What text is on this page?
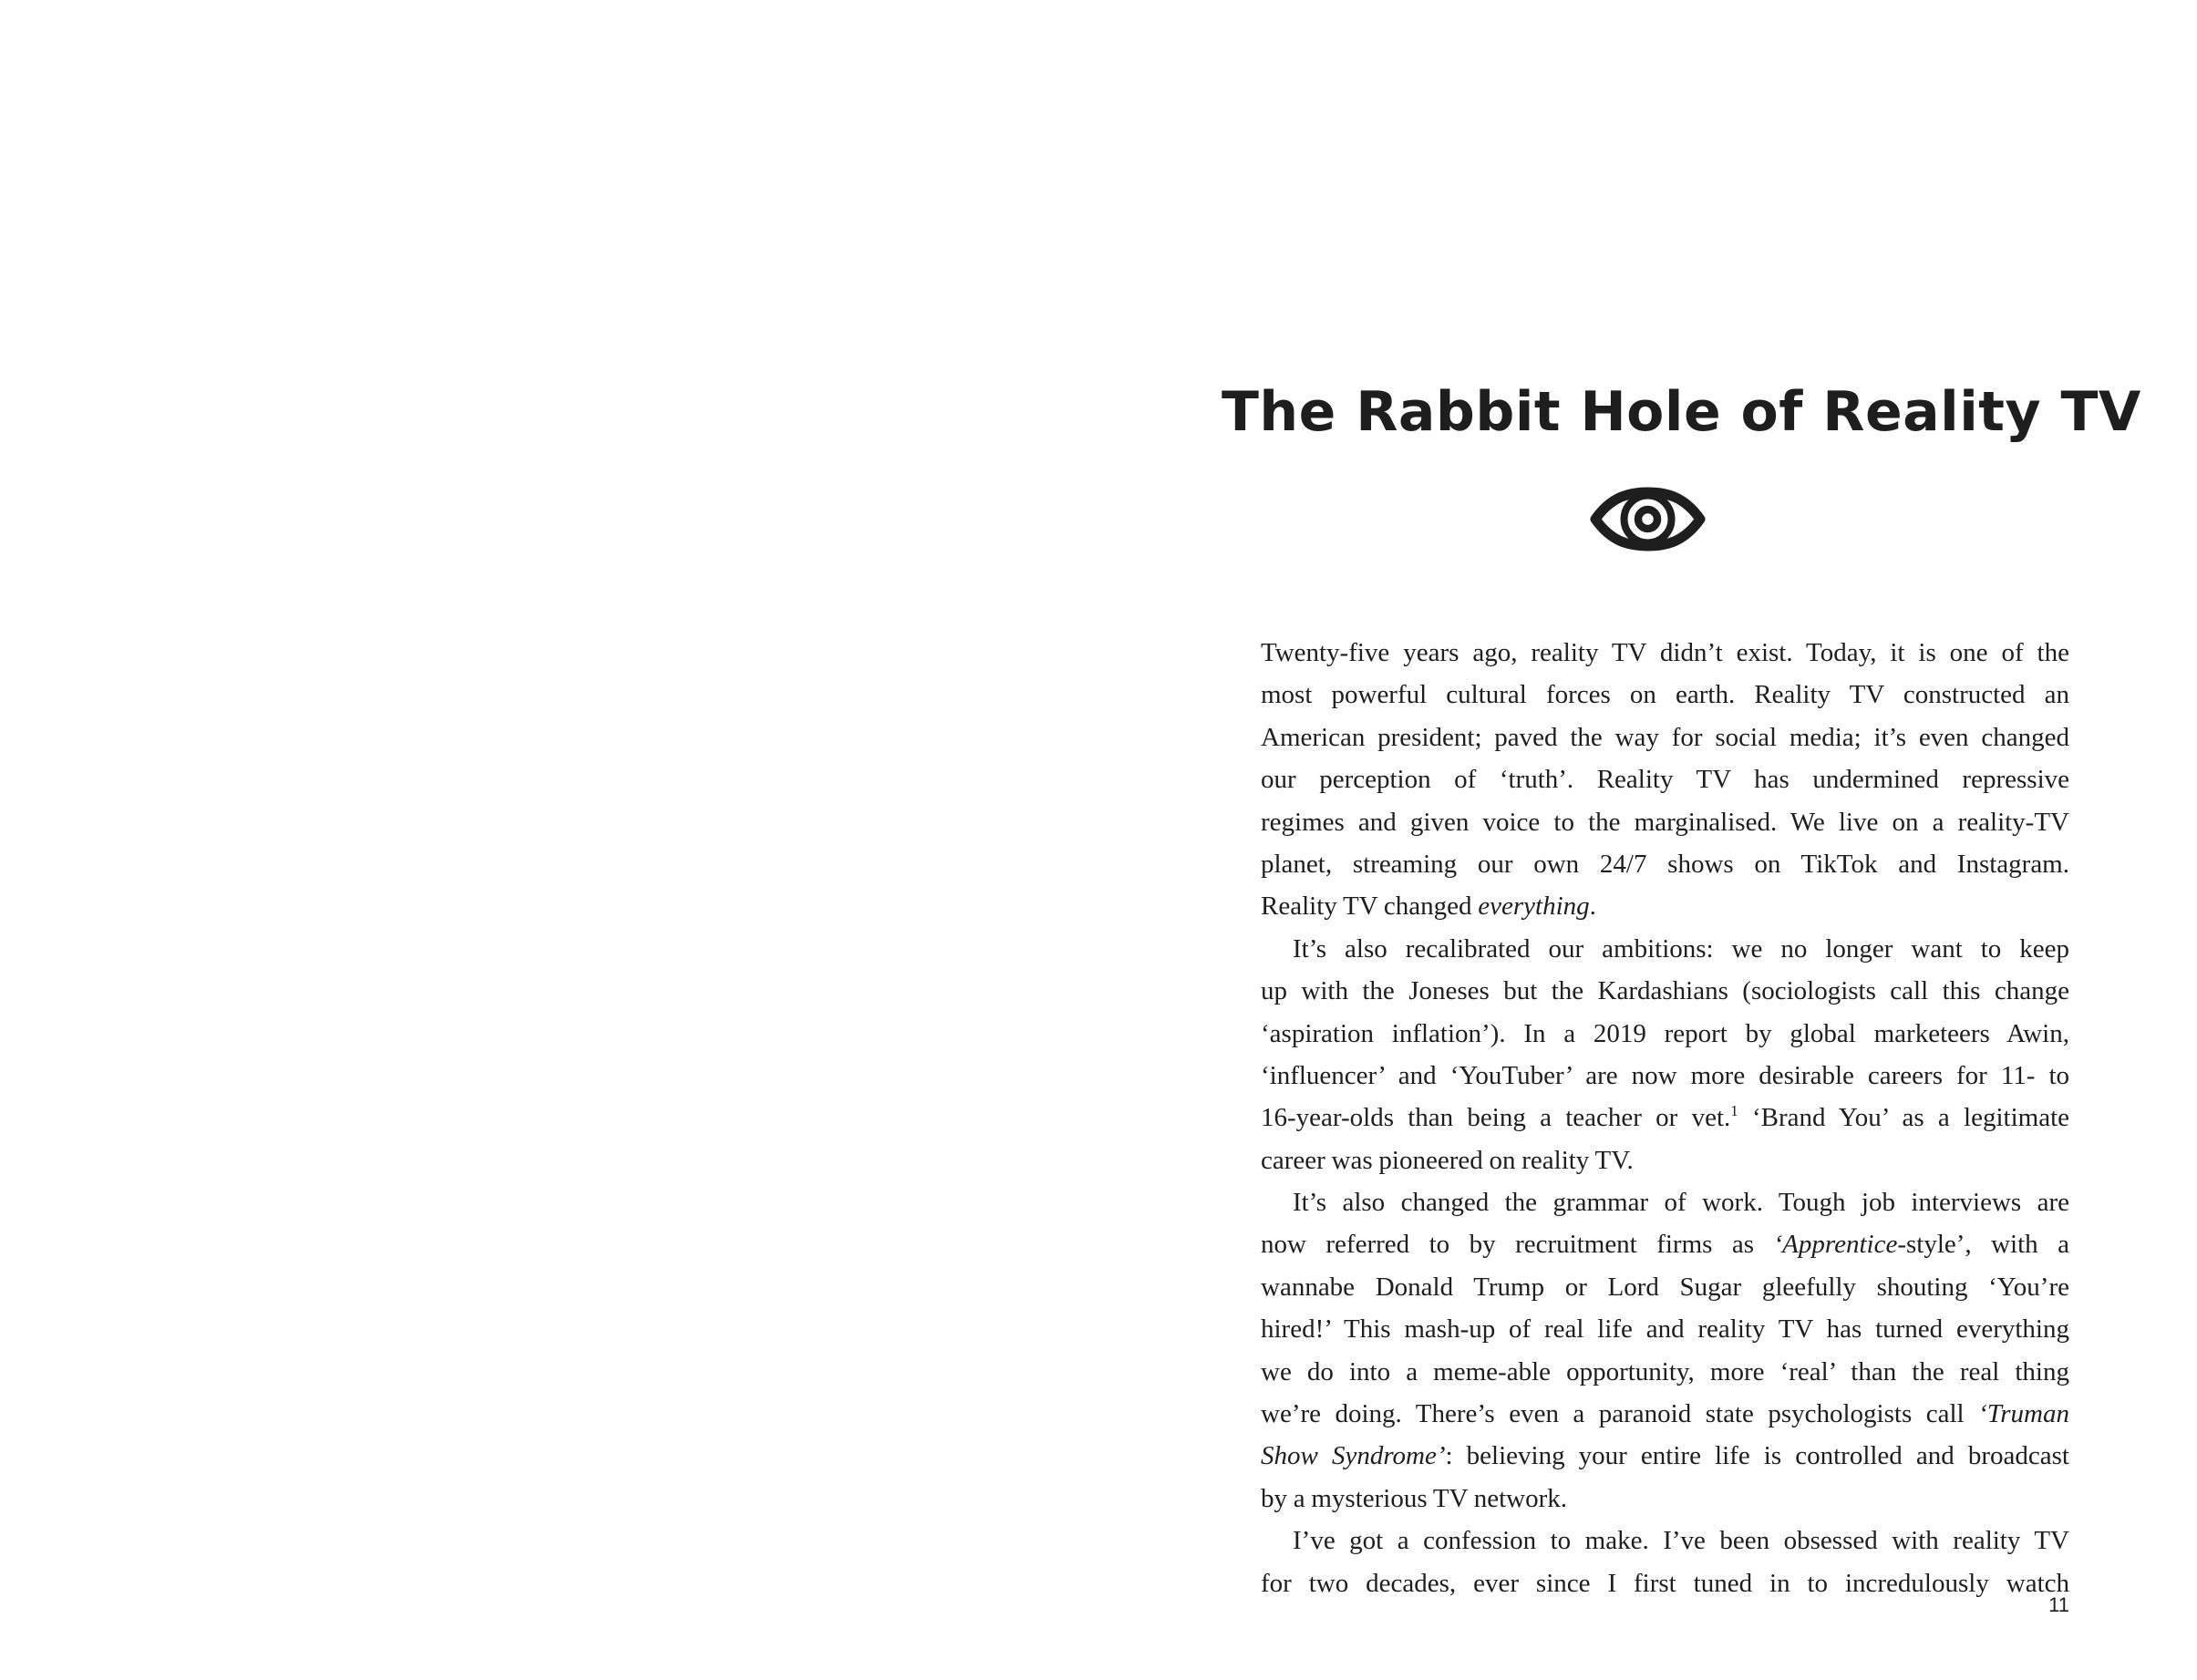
The Rabbit Hole of Reality TV
Twenty-five years ago, reality TV didn’t exist. Today, it is one of the
most powerful cultural forces on earth. Reality TV constructed an
American president; paved the way for social media; it’s even changed
our perception of ‘truth’. Reality TV has undermined repressive
regimes and given voice to the marginalised. We live on a reality-TV
planet, streaming our own 24/7 shows on TikTok and Instagram.
Reality TV changed everything.
It’s also recalibrated our ambitions: we no longer want to keep
up with the Joneses but the Kardashians (sociologists call this change
‘aspiration inflation’). In a 2019 report by global marketeers Awin,
‘influencer’ and ‘YouTuber’ are now more desirable careers for 11- to
16-year-olds than being a teacher or vet.$^1$ ‘Brand You’ as a legitimate
career was pioneered on reality TV.
It’s also changed the grammar of work. Tough job interviews are
now referred to by recruitment firms as ‘Apprentice-style’, with a
wannabe Donald Trump or Lord Sugar gleefully shouting ‘You’re
hired!’ This mash-up of real life and reality TV has turned everything
we do into a meme-able opportunity, more ‘real’ than the real thing
we’re doing. There’s even a paranoid state psychologists call ‘Truman
Show Syndrome’: believing your entire life is controlled and broadcast
by a mysterious TV network.
I’ve got a confession to make. I’ve been obsessed with reality TV
for two decades, ever since I first tuned in to incredulously watch
11
